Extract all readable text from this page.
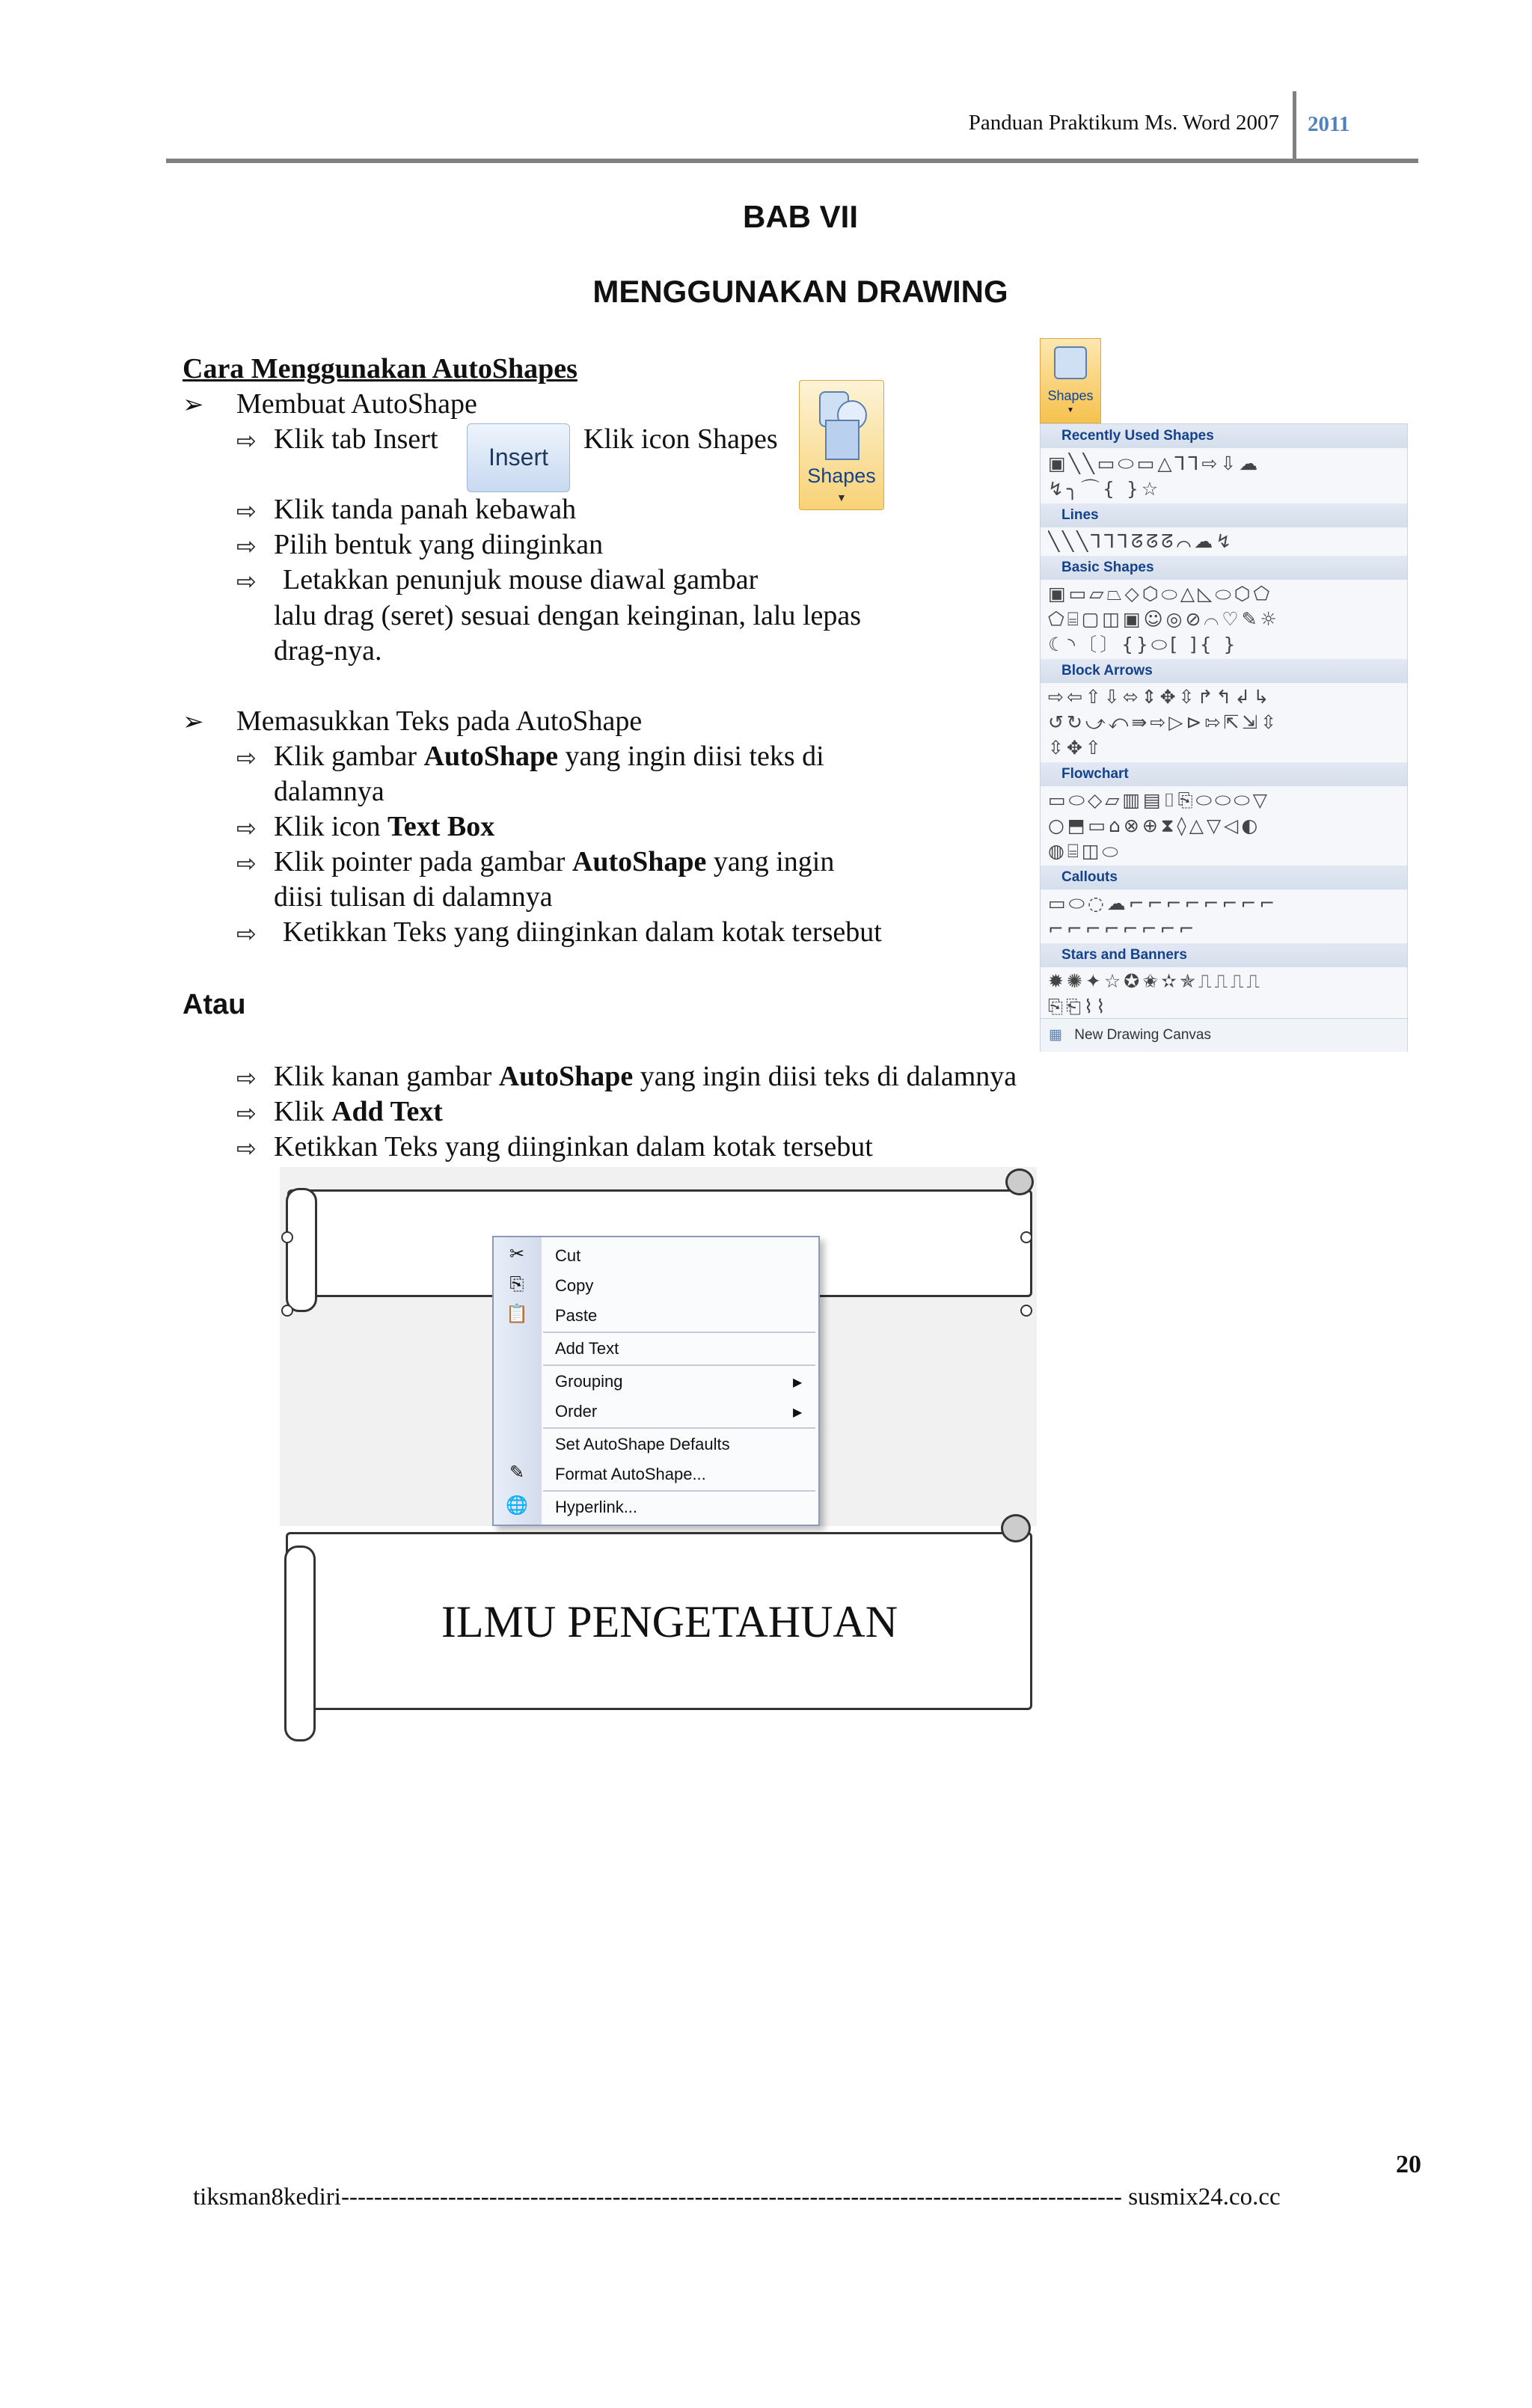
Panduan Praktikum Ms. Word 2007 2011
BAB VII
MENGGUNAKAN DRAWING
Cara Menggunakan AutoShapes
➢ Membuat AutoShape
⇨ Klik tab Insert
Insert
Klik icon Shapes
Shapes
▼
⇨ Klik tanda panah kebawah
⇨ Pilih bentuk yang diinginkan
⇨ Letakkan penunjuk mouse diawal gambar
lalu drag (seret) sesuai dengan keinginan, lalu lepas
drag-nya.
➢ Memasukkan Teks pada AutoShape
⇨ Klik gambar AutoShape yang ingin diisi teks di
dalamnya
⇨ Klik icon Text Box
⇨ Klik pointer pada gambar AutoShape yang ingin
diisi tulisan di dalamnya
⇨ Ketikkan Teks yang diinginkan dalam kotak tersebut
Atau
⇨ Klik kanan gambar AutoShape yang ingin diisi teks di dalamnya
⇨ Klik Add Text
⇨ Ketikkan Teks yang diinginkan dalam kotak tersebut
Shapes
▼
Recently Used Shapes
▣╲╲▭⬭▭△⅂⅂⇨⇩☁
↯╮⌒{ }☆
Lines
╲╲╲⅂⅂⅂ᘔᘔᘔ⌒☁↯
Basic Shapes
▣▭▱⏢◇⬡⬭△◺⬭⬡⬠
⬠⌸▢◫▣☺◎⊘⌒♡✎☼
☾◝〔〕{}⬭[ ]{ }
Block Arrows
⇨⇦⇧⇩⬄⇕✥⇳↱↰↲↳
↺↻⤻⤺⇛⇨▷⊳⇰⇱⇲⇳
⇳✥⇧
Flowchart
▭⬭◇▱▥▤⌷⎘⬭⬭⬭▽
○⬒▭⌂⊗⊕⧗◊△▽◁◐
◍⌸◫⬭
Callouts
▭⬭◌☁⌐⌐⌐⌐⌐⌐⌐⌐
⌐⌐⌐⌐⌐⌐⌐⌐
Stars and Banners
✹✺✦☆✪✬✫✯⎍⎍⎍⎍
⎘⎗⌇⌇
▦ New Drawing Canvas
✂	Cut
⎘	Copy
📋 Paste
Add Text
Grouping	▶
Order	▶
Set AutoShape Defaults
✎	Format AutoShape...
🌐 Hyperlink...
ILMU PENGETAHUAN
20
tiksman8kediri----------------------------------------------------------------------------------------------- susmix24.co.cc
